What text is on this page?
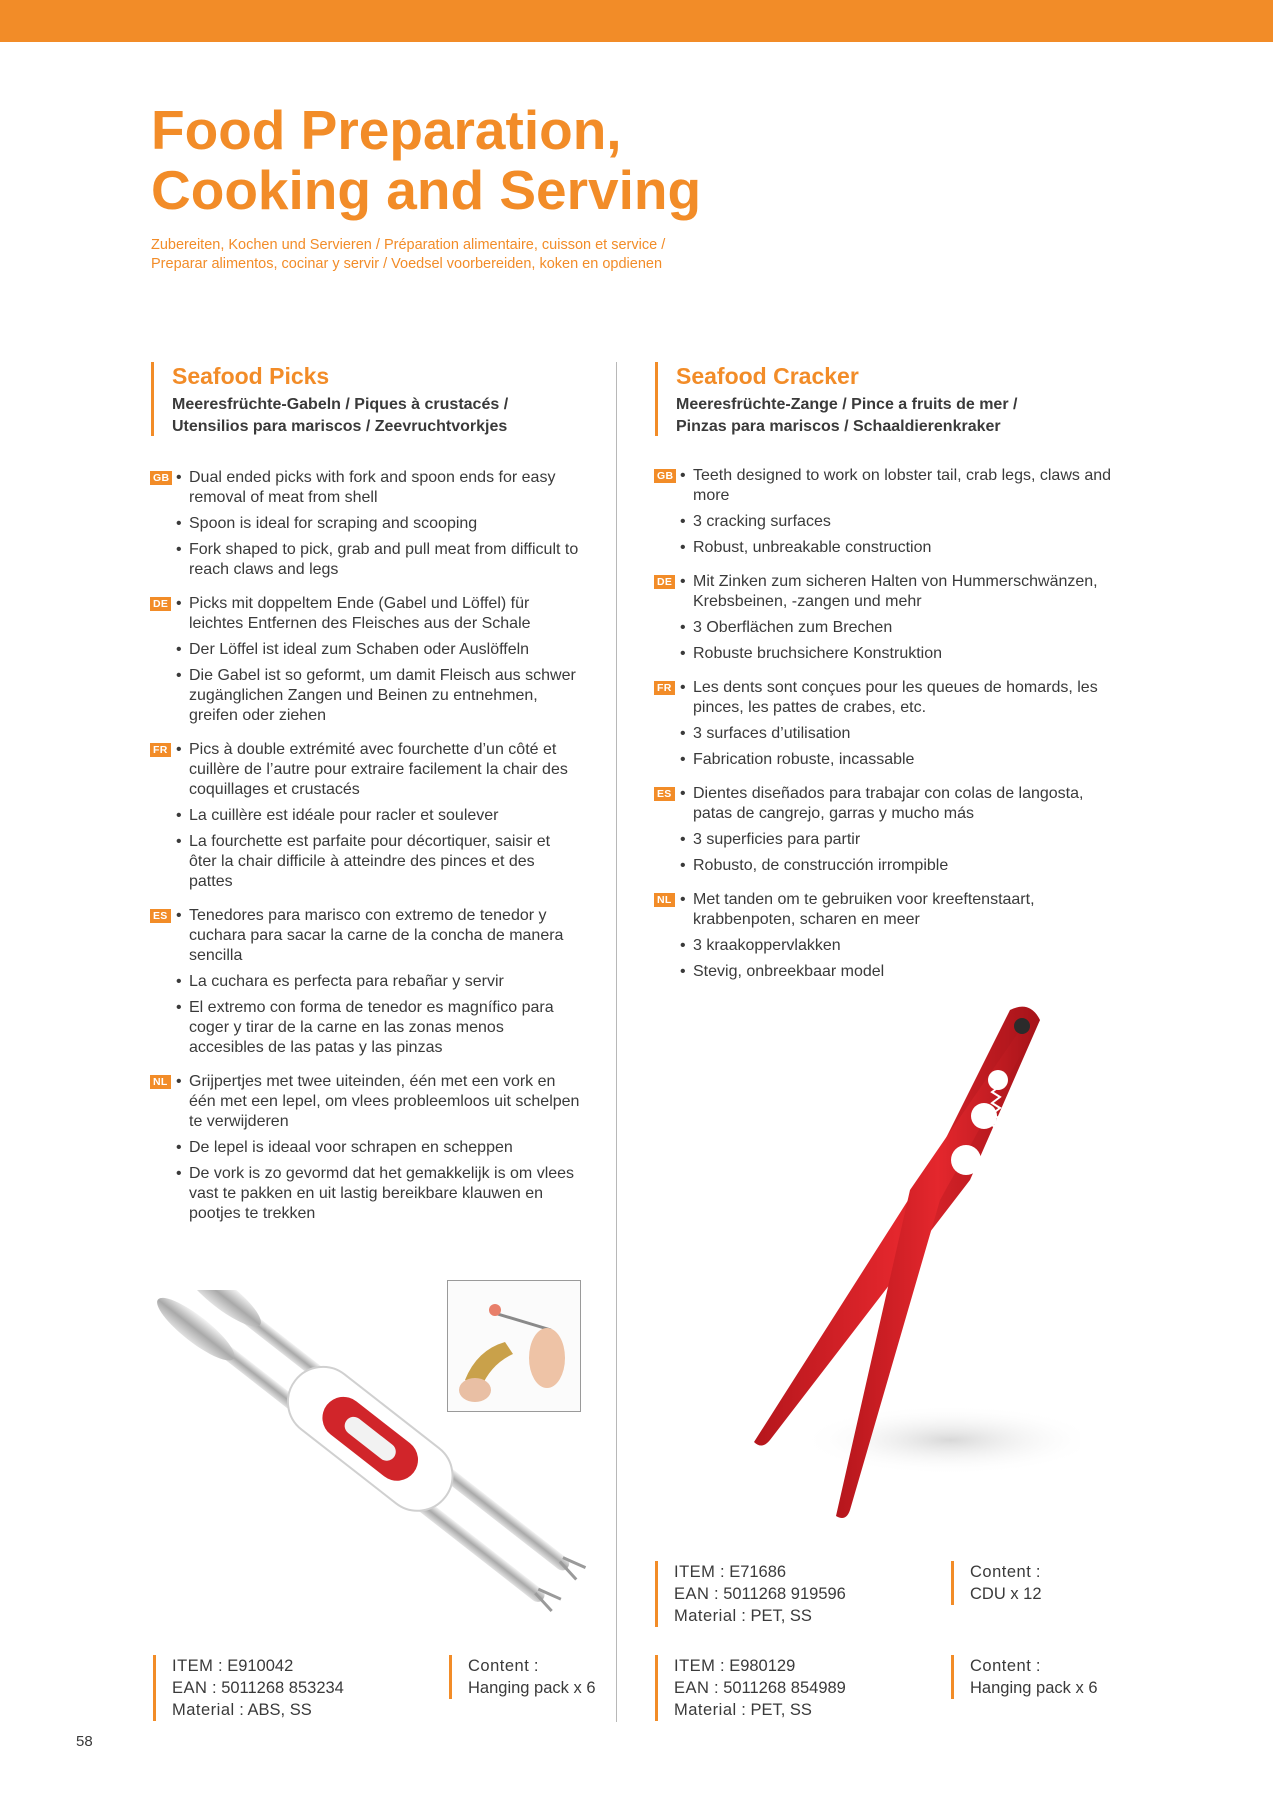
Food Preparation,
Cooking and Serving

Zubereiten, Kochen und Servieren / Préparation alimentaire, cuisson et service /
Preparar alimentos, cocinar y servir / Voedsel voorbereiden, koken en opdienen

Seafood Picks
Meeresfrüchte-Gabeln / Piques à crustacés /
Utensilios para mariscos / Zeevruchtvorkjes
GB • Dual ended picks with fork and spoon ends for easy removal of meat from shell
• Spoon is ideal for scraping and scooping
• Fork shaped to pick, grab and pull meat from difficult to reach claws and legs
DE • Picks mit doppeltem Ende (Gabel und Löffel) für leichtes Entfernen des Fleisches aus der Schale
• Der Löffel ist ideal zum Schaben oder Auslöffeln
• Die Gabel ist so geformt, um damit Fleisch aus schwer zugänglichen Zangen und Beinen zu entnehmen, greifen oder ziehen
FR • Pics à double extrémité avec fourchette d’un côté et cuillère de l’autre pour extraire facilement la chair des coquillages et crustacés
• La cuillère est idéale pour racler et soulever
• La fourchette est parfaite pour décortiquer, saisir et ôter la chair difficile à atteindre des pinces et des pattes
ES • Tenedores para marisco con extremo de tenedor y cuchara para sacar la carne de la concha de manera sencilla
• La cuchara es perfecta para rebañar y servir
• El extremo con forma de tenedor es magnífico para coger y tirar de la carne en las zonas menos accesibles de las patas y las pinzas
NL • Grijpertjes met twee uiteinden, één met een vork en één met een lepel, om vlees probleemloos uit schelpen te verwijderen
• De lepel is ideaal voor schrapen en scheppen
• De vork is zo gevormd dat het gemakkelijk is om vlees vast te pakken en uit lastig bereikbare klauwen en pootjes te trekken
ITEM : E910042
EAN : 5011268 853234
Material : ABS, SS
Content :
Hanging pack x 6
Seafood Cracker
Meeresfrüchte-Zange / Pince a fruits de mer /
Pinzas para mariscos / Schaaldierenkraker
GB • Teeth designed to work on lobster tail, crab legs, claws and more
• 3 cracking surfaces
• Robust, unbreakable construction
DE • Mit Zinken zum sicheren Halten von Hummerschwänzen, Krebsbeinen, -zangen und mehr
• 3 Oberflächen zum Brechen
• Robuste bruchsichere Konstruktion
FR • Les dents sont conçues pour les queues de homards, les pinces, les pattes de crabes, etc.
• 3 surfaces d’utilisation
• Fabrication robuste, incassable
ES • Dientes diseñados para trabajar con colas de langosta, patas de cangrejo, garras y mucho más
• 3 superficies para partir
• Robusto, de construcción irrompible
NL • Met tanden om te gebruiken voor kreeftenstaart, krabbenpoten, scharen en meer
• 3 kraakoppervlakken
• Stevig, onbreekbaar model
Zyliss
ITEM : E71686
EAN : 5011268 919596
Material : PET, SS
Content :
CDU x 12
ITEM : E980129
EAN : 5011268 854989
Material : PET, SS
Content :
Hanging pack x 6
58
